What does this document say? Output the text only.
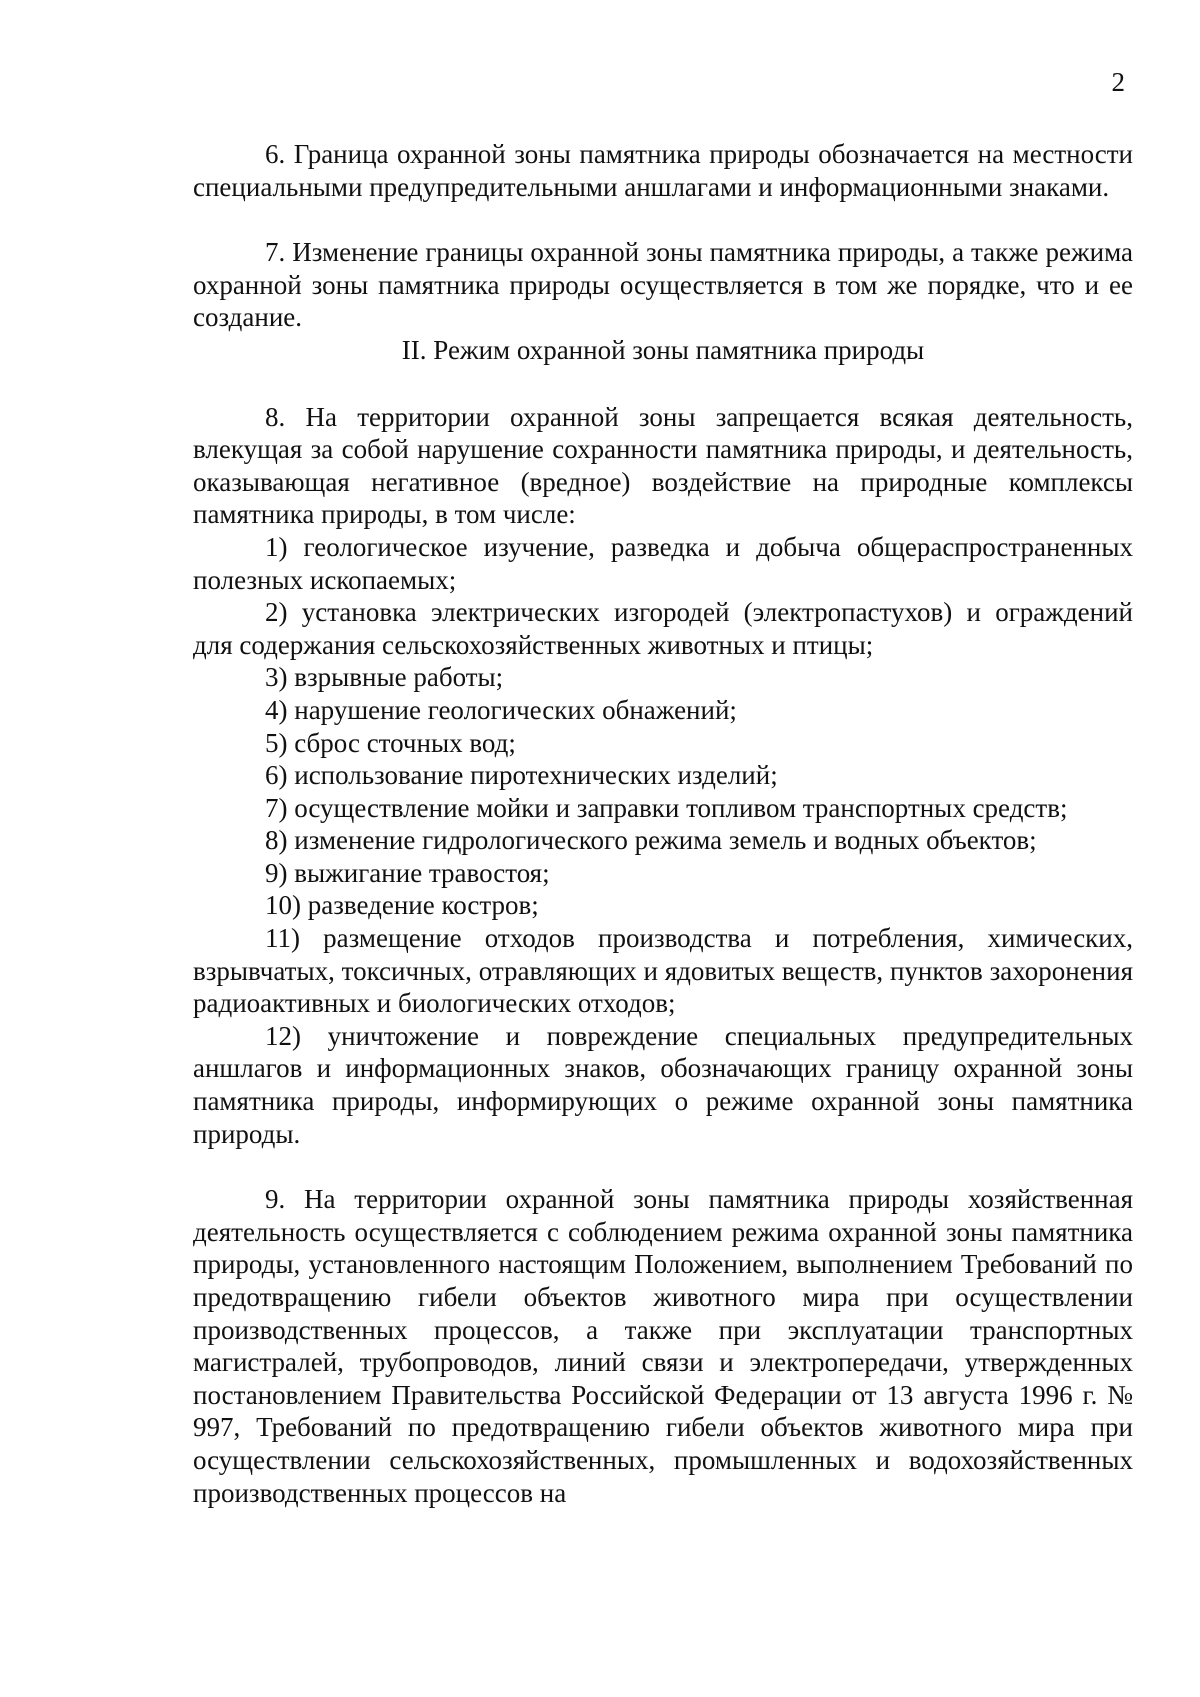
2

6. Граница охранной зоны памятника природы обозначается на местности специальными предупредительными аншлагами и информационными знаками.

7. Изменение границы охранной зоны памятника природы, а также режима охранной зоны памятника природы осуществляется в том же порядке, что и ее создание.

II. Режим охранной зоны памятника природы

8. На территории охранной зоны запрещается всякая деятельность, влекущая за собой нарушение сохранности памятника природы, и деятельность, оказывающая негативное (вредное) воздействие на природные комплексы памятника природы, в том числе:

1) геологическое изучение, разведка и добыча общераспространенных полезных ископаемых;
2) установка электрических изгородей (электропастухов) и ограждений для содержания сельскохозяйственных животных и птицы;
3) взрывные работы;
4) нарушение геологических обнажений;
5) сброс сточных вод;
6) использование пиротехнических изделий;
7) осуществление мойки и заправки топливом транспортных средств;
8) изменение гидрологического режима земель и водных объектов;
9) выжигание травостоя;
10) разведение костров;
11) размещение отходов производства и потребления, химических, взрывчатых, токсичных, отравляющих и ядовитых веществ, пунктов захоронения радиоактивных и биологических отходов;
12) уничтожение и повреждение специальных предупредительных аншлагов и информационных знаков, обозначающих границу охранной зоны памятника природы, информирующих о режиме охранной зоны памятника природы.

9. На территории охранной зоны памятника природы хозяйственная деятельность осуществляется с соблюдением режима охранной зоны памятника природы, установленного настоящим Положением, выполнением Требований по предотвращению гибели объектов животного мира при осуществлении производственных процессов, а также при эксплуатации транспортных магистралей, трубопроводов, линий связи и электропередачи, утвержденных постановлением Правительства Российской Федерации от 13 августа 1996 г. № 997, Требований по предотвращению гибели объектов животного мира при осуществлении сельскохозяйственных, промышленных и водохозяйственных производственных процессов на
